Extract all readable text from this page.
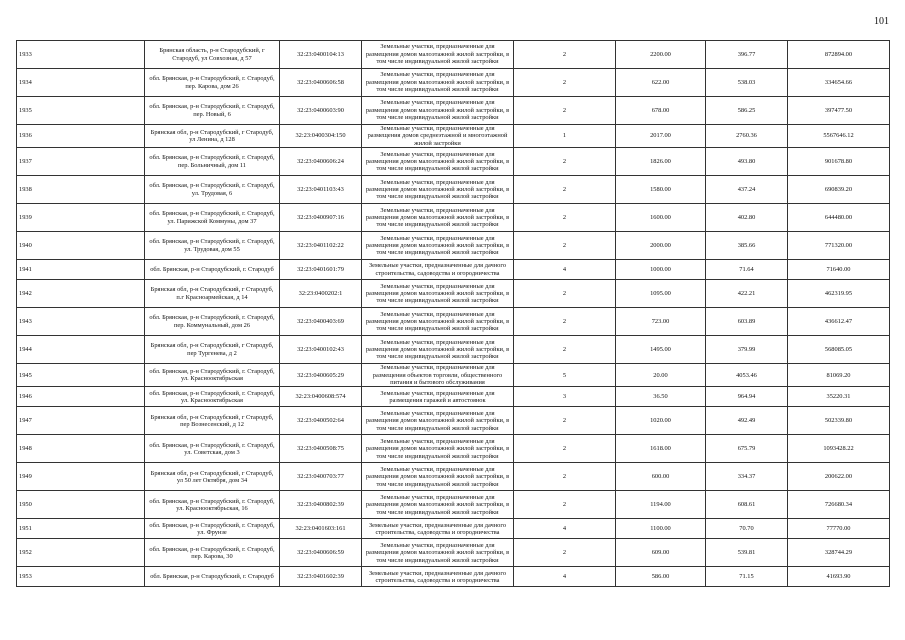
101
1933	Брянская область, р-н Стародубский, г Стародуб, ул Совхозная, д 57	32:23:0400104:13	Земельные участки, предназначенные для размещения домов малоэтажной жилой застройки, в том числе индивидуальной жилой застройки	2	2200.00	396.77	872894.00
1934	обл. Брянская, р-н Стародубский, г. Стародуб, пер. Карова, дом 26	32:23:0400606:58	Земельные участки, предназначенные для размещения домов малоэтажной жилой застройки, в том числе индивидуальной жилой застройки	2	622.00	538.03	334654.66
1935	обл. Брянская, р-н Стародубский, г. Стародуб, пер. Новый, 6	32:23:0400603:90	Земельные участки, предназначенные для размещения домов малоэтажной жилой застройки, в том числе индивидуальной жилой застройки	2	678.00	586.25	397477.50
1936	Брянская обл, р-н Стародубский, г Стародуб, ул Ленина, д 128	32:23:0400304:150	Земельные участки, предназначенные для размещения домов среднеэтажной и многоэтажной жилой застройки	1	2017.00	2760.36	5567646.12
1937	обл. Брянская, р-н Стародубский, г. Стародуб, пер. Больничный, дом 11	32:23:0400606:24	Земельные участки, предназначенные для размещения домов малоэтажной жилой застройки, в том числе индивидуальной жилой застройки	2	1826.00	493.80	901678.80
1938	обл. Брянская, р-н Стародубский, г. Стародуб, ул. Трудовая, 6	32:23:0401103:43	Земельные участки, предназначенные для размещения домов малоэтажной жилой застройки, в том числе индивидуальной жилой застройки	2	1580.00	437.24	690839.20
1939	обл. Брянская, р-н Стародубский, г. Стародуб, ул. Парижской Коммуны, дом 37	32:23:0400907:16	Земельные участки, предназначенные для размещения домов малоэтажной жилой застройки, в том числе индивидуальной жилой застройки	2	1600.00	402.80	644480.00
1940	обл. Брянская, р-н Стародубский, г. Стародуб, ул. Трудовая, дом 55	32:23:0401102:22	Земельные участки, предназначенные для размещения домов малоэтажной жилой застройки, в том числе индивидуальной жилой застройки	2	2000.00	385.66	771320.00
1941	обл. Брянская, р-н Стародубский, г. Стародуб	32:23:0401601:79	Земельные участки, предназначенные для дачного строительства, садоводства и огородничества	4	1000.00	71.64	71640.00
1942	Брянская обл, р-н Стародубский, г Стародуб, п.г Красноармейская, д 14	32:23:0400202:1	Земельные участки, предназначенные для размещения домов малоэтажной жилой застройки, в том числе индивидуальной жилой застройки	2	1095.00	422.21	462319.95
1943	обл. Брянская, р-н Стародубский, г. Стародуб, пер. Коммунальный, дом 26	32:23:0400403:69	Земельные участки, предназначенные для размещения домов малоэтажной жилой застройки, в том числе индивидуальной жилой застройки	2	723.00	603.89	436612.47
1944	Брянская обл, р-н Стародубский, г Стародуб, пер Тургенева, д 2	32:23:0400102:43	Земельные участки, предназначенные для размещения домов малоэтажной жилой застройки, в том числе индивидуальной жилой застройки	2	1495.00	379.99	568085.05
1945	обл. Брянская, р-н Стародубский, г. Стародуб, ул. Краснооктябрьская	32:23:0400605:29	Земельные участки, предназначенные для размещения объектов торговли, общественного питания и бытового обслуживания	5	20.00	4053.46	81069.20
1946	обл. Брянская, р-н Стародубский, г. Стародуб, ул. Краснооктябрьская	32:23:0400608:574	Земельные участки, предназначенные для размещения гаражей и автостоянок	3	36.50	964.94	35220.31
1947	Брянская обл, р-н Стародубский, г Стародуб, пер Вознесенский, д 12	32:23:0400502:64	Земельные участки, предназначенные для размещения домов малоэтажной жилой застройки, в том числе индивидуальной жилой застройки	2	1020.00	492.49	502339.80
1948	обл. Брянская, р-н Стародубский, г. Стародуб, ул. Советская, дом 3	32:23:0400508:75	Земельные участки, предназначенные для размещения домов малоэтажной жилой застройки, в том числе индивидуальной жилой застройки	2	1618.00	675.79	1093428.22
1949	Брянская обл, р-н Стародубский, г Стародуб, ул 50 лет Октября, дом 34	32:23:0400703:77	Земельные участки, предназначенные для размещения домов малоэтажной жилой застройки, в том числе индивидуальной жилой застройки	2	600.00	334.37	200622.00
1950	обл. Брянская, р-н Стародубский, г. Стародуб, ул. Краснооктябрьская, 16	32:23:0400802:39	Земельные участки, предназначенные для размещения домов малоэтажной жилой застройки, в том числе индивидуальной жилой застройки	2	1194.00	608.61	726680.34
1951	обл. Брянская, р-н Стародубский, г. Стародуб, ул. Фрунзе	32:23:0401603:161	Земельные участки, предназначенные для дачного строительства, садоводства и огородничества	4	1100.00	70.70	77770.00
1952	обл. Брянская, р-н Стародубский, г. Стародуб, пер. Карова, 30	32:23:0400606:59	Земельные участки, предназначенные для размещения домов малоэтажной жилой застройки, в том числе индивидуальной жилой застройки	2	609.00	539.81	328744.29
1953	обл. Брянская, р-н Стародубский, г. Стародуб	32:23:0401602:39	Земельные участки, предназначенные для дачного строительства, садоводства и огородничества	4	586.00	71.15	41693.90
